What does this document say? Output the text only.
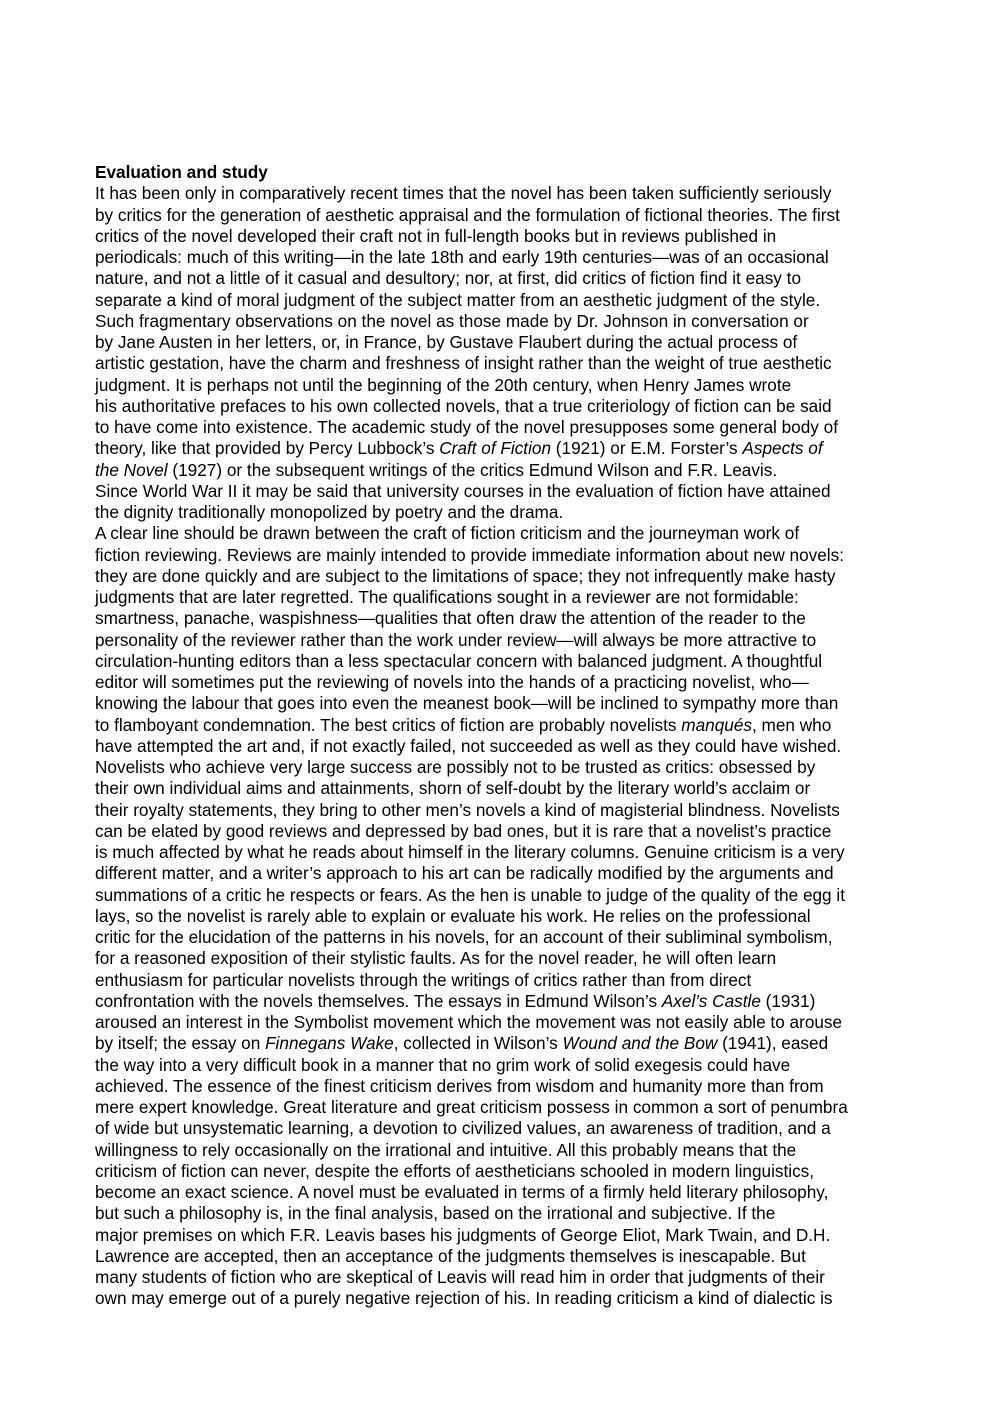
Evaluation and study
It has been only in comparatively recent times that the novel has been taken sufficiently seriously
by critics for the generation of aesthetic appraisal and the formulation of fictional theories. The first
critics of the novel developed their craft not in full-length books but in reviews published in
periodicals: much of this writing—in the late 18th and early 19th centuries—was of an occasional
nature, and not a little of it casual and desultory; nor, at first, did critics of fiction find it easy to
separate a kind of moral judgment of the subject matter from an aesthetic judgment of the style.
Such fragmentary observations on the novel as those made by Dr. Johnson in conversation or
by Jane Austen in her letters, or, in France, by Gustave Flaubert during the actual process of
artistic gestation, have the charm and freshness of insight rather than the weight of true aesthetic
judgment. It is perhaps not until the beginning of the 20th century, when Henry James wrote
his authoritative prefaces to his own collected novels, that a true criteriology of fiction can be said
to have come into existence. The academic study of the novel presupposes some general body of
theory, like that provided by Percy Lubbock’s Craft of Fiction (1921) or E.M. Forster’s Aspects of
the Novel (1927) or the subsequent writings of the critics Edmund Wilson and F.R. Leavis.
Since World War II it may be said that university courses in the evaluation of fiction have attained
the dignity traditionally monopolized by poetry and the drama.
A clear line should be drawn between the craft of fiction criticism and the journeyman work of
fiction reviewing. Reviews are mainly intended to provide immediate information about new novels:
they are done quickly and are subject to the limitations of space; they not infrequently make hasty
judgments that are later regretted. The qualifications sought in a reviewer are not formidable:
smartness, panache, waspishness—qualities that often draw the attention of the reader to the
personality of the reviewer rather than the work under review—will always be more attractive to
circulation-hunting editors than a less spectacular concern with balanced judgment. A thoughtful
editor will sometimes put the reviewing of novels into the hands of a practicing novelist, who—
knowing the labour that goes into even the meanest book—will be inclined to sympathy more than
to flamboyant condemnation. The best critics of fiction are probably novelists manqués, men who
have attempted the art and, if not exactly failed, not succeeded as well as they could have wished.
Novelists who achieve very large success are possibly not to be trusted as critics: obsessed by
their own individual aims and attainments, shorn of self-doubt by the literary world’s acclaim or
their royalty statements, they bring to other men’s novels a kind of magisterial blindness. Novelists
can be elated by good reviews and depressed by bad ones, but it is rare that a novelist’s practice
is much affected by what he reads about himself in the literary columns. Genuine criticism is a very
different matter, and a writer’s approach to his art can be radically modified by the arguments and
summations of a critic he respects or fears. As the hen is unable to judge of the quality of the egg it
lays, so the novelist is rarely able to explain or evaluate his work. He relies on the professional
critic for the elucidation of the patterns in his novels, for an account of their subliminal symbolism,
for a reasoned exposition of their stylistic faults. As for the novel reader, he will often learn
enthusiasm for particular novelists through the writings of critics rather than from direct
confrontation with the novels themselves. The essays in Edmund Wilson’s Axel’s Castle (1931)
aroused an interest in the Symbolist movement which the movement was not easily able to arouse
by itself; the essay on Finnegans Wake, collected in Wilson’s Wound and the Bow (1941), eased
the way into a very difficult book in a manner that no grim work of solid exegesis could have
achieved. The essence of the finest criticism derives from wisdom and humanity more than from
mere expert knowledge. Great literature and great criticism possess in common a sort of penumbra
of wide but unsystematic learning, a devotion to civilized values, an awareness of tradition, and a
willingness to rely occasionally on the irrational and intuitive. All this probably means that the
criticism of fiction can never, despite the efforts of aestheticians schooled in modern linguistics,
become an exact science. A novel must be evaluated in terms of a firmly held literary philosophy,
but such a philosophy is, in the final analysis, based on the irrational and subjective. If the
major premises on which F.R. Leavis bases his judgments of George Eliot, Mark Twain, and D.H.
Lawrence are accepted, then an acceptance of the judgments themselves is inescapable. But
many students of fiction who are skeptical of Leavis will read him in order that judgments of their
own may emerge out of a purely negative rejection of his. In reading criticism a kind of dialectic is
